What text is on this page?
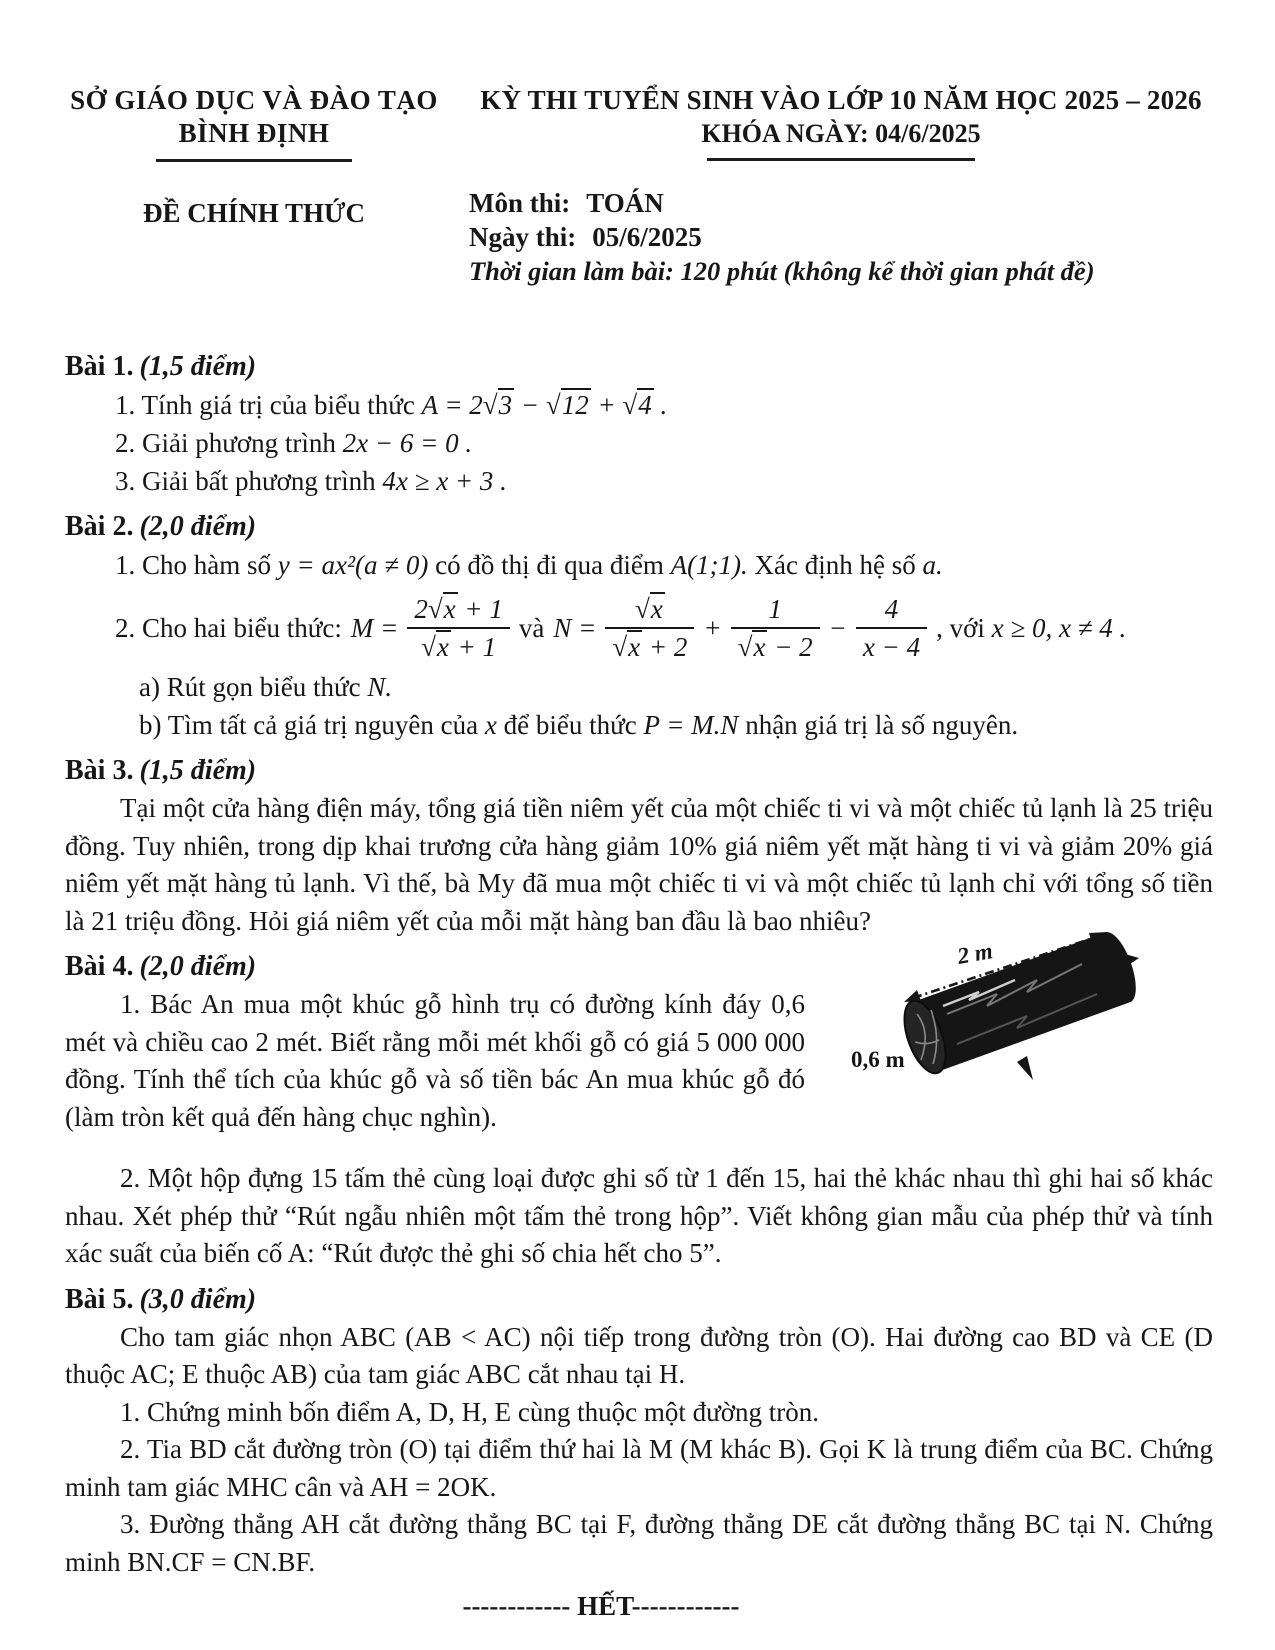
SỞ GIÁO DỤC VÀ ĐÀO TẠO
BÌNH ĐỊNH
KỲ THI TUYỂN SINH VÀO LỚP 10 NĂM HỌC 2025 – 2026
KHÓA NGÀY: 04/6/2025
ĐỀ CHÍNH THỨC	Môn thi: TOÁN
Ngày thi: 05/6/2025
Thời gian làm bài: 120 phút (không kể thời gian phát đề)
Bài 1. (1,5 điểm)
1. Tính giá trị của biểu thức A = 2√3 − √12 + √4 .
2. Giải phương trình 2x − 6 = 0 .
3. Giải bất phương trình 4x ≥ x + 3 .
Bài 2. (2,0 điểm)
1. Cho hàm số y = ax²(a ≠ 0) có đồ thị đi qua điểm A(1;1). Xác định hệ số a.
2. Cho hai biểu thức: $M = \frac{2√x + 1}{√x + 1}$ và $N = \frac{√x}{√x + 2} + \frac{1}{√x - 2} - \frac{4}{x - 4}$ , với x ≥ 0, x ≠ 4 .
a) Rút gọn biểu thức N.
b) Tìm tất cả giá trị nguyên của x để biểu thức P = M.N nhận giá trị là số nguyên.
Bài 3. (1,5 điểm)
Tại một cửa hàng điện máy, tổng giá tiền niêm yết của một chiếc ti vi và một chiếc tủ lạnh là 25 triệu đồng. Tuy nhiên, trong dịp khai trương cửa hàng giảm 10% giá niêm yết mặt hàng ti vi và giảm 20% giá niêm yết mặt hàng tủ lạnh. Vì thế, bà My đã mua một chiếc ti vi và một chiếc tủ lạnh chỉ với tổng số tiền là 21 triệu đồng. Hỏi giá niêm yết của mỗi mặt hàng ban đầu là bao nhiêu?
Bài 4. (2,0 điểm)
1. Bác An mua một khúc gỗ hình trụ có đường kính đáy 0,6 mét và chiều cao 2 mét. Biết rằng mỗi mét khối gỗ có giá 5 000 000 đồng. Tính thể tích của khúc gỗ và số tiền bác An mua khúc gỗ đó (làm tròn kết quả đến hàng chục nghìn).
2 m
0,6 m
2. Một hộp đựng 15 tấm thẻ cùng loại được ghi số từ 1 đến 15, hai thẻ khác nhau thì ghi hai số khác nhau. Xét phép thử “Rút ngẫu nhiên một tấm thẻ trong hộp”. Viết không gian mẫu của phép thử và tính xác suất của biến cố A: “Rút được thẻ ghi số chia hết cho 5”.
Bài 5. (3,0 điểm)
Cho tam giác nhọn ABC (AB < AC) nội tiếp trong đường tròn (O). Hai đường cao BD và CE (D thuộc AC; E thuộc AB) của tam giác ABC cắt nhau tại H.
1. Chứng minh bốn điểm A, D, H, E cùng thuộc một đường tròn.
2. Tia BD cắt đường tròn (O) tại điểm thứ hai là M (M khác B). Gọi K là trung điểm của BC. Chứng minh tam giác MHC cân và AH = 2OK.
3. Đường thẳng AH cắt đường thẳng BC tại F, đường thẳng DE cắt đường thẳng BC tại N. Chứng minh BN.CF = CN.BF.
------------ HẾT------------
